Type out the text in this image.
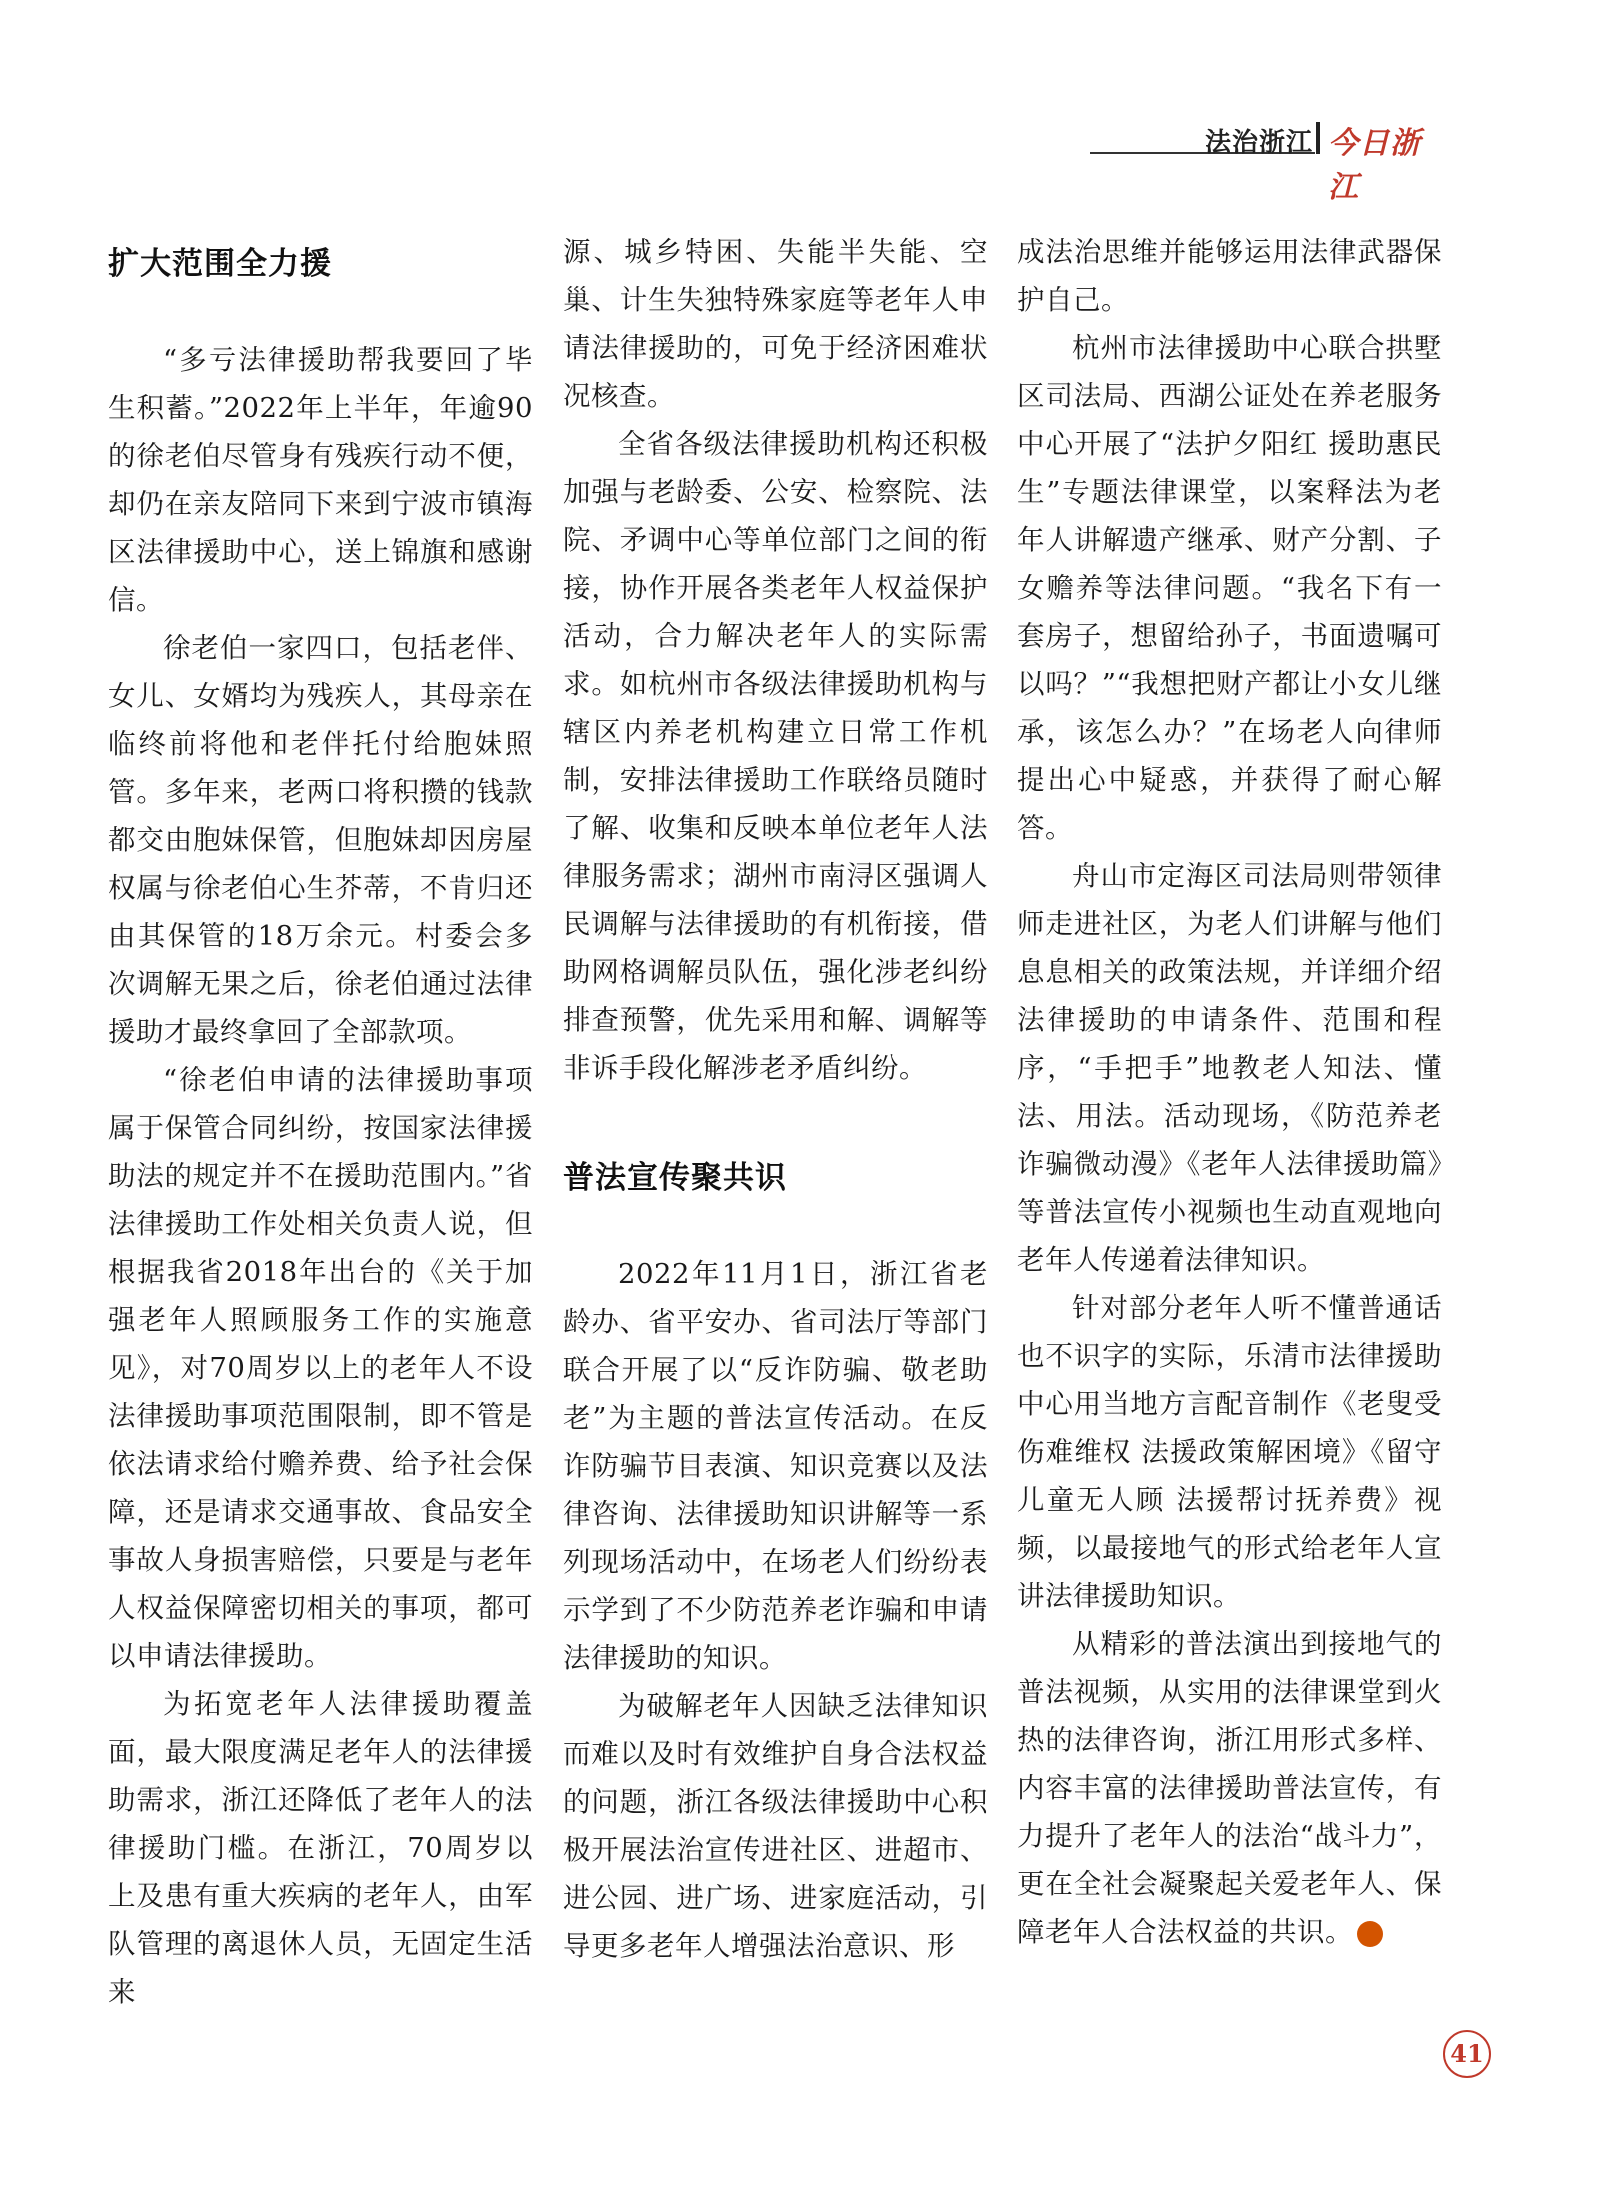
法治浙江 今日浙江
扩大范围全力援

“多亏法律援助帮我要回了毕生积蓄。”2022年上半年，年逾90的徐老伯尽管身有残疾行动不便，却仍在亲友陪同下来到宁波市镇海区法律援助中心，送上锦旗和感谢信。

徐老伯一家四口，包括老伴、女儿、女婿均为残疾人，其母亲在临终前将他和老伴托付给胞妹照管。多年来，老两口将积攒的钱款都交由胞妹保管，但胞妹却因房屋权属与徐老伯心生芥蒂，不肯归还由其保管的18万余元。村委会多次调解无果之后，徐老伯通过法律援助才最终拿回了全部款项。

“徐老伯申请的法律援助事项属于保管合同纠纷，按国家法律援助法的规定并不在援助范围内。”省法律援助工作处相关负责人说，但根据我省2018年出台的《关于加强老年人照顾服务工作的实施意见》，对70周岁以上的老年人不设法律援助事项范围限制，即不管是依法请求给付赡养费、给予社会保障，还是请求交通事故、食品安全事故人身损害赔偿，只要是与老年人权益保障密切相关的事项，都可以申请法律援助。

为拓宽老年人法律援助覆盖面，最大限度满足老年人的法律援助需求，浙江还降低了老年人的法律援助门槛。在浙江，70周岁以上及患有重大疾病的老年人，由军队管理的离退休人员，无固定生活来

源、城乡特困、失能半失能、空巢、计生失独特殊家庭等老年人申请法律援助的，可免于经济困难状况核查。

全省各级法律援助机构还积极加强与老龄委、公安、检察院、法院、矛调中心等单位部门之间的衔接，协作开展各类老年人权益保护活动，合力解决老年人的实际需求。如杭州市各级法律援助机构与辖区内养老机构建立日常工作机制，安排法律援助工作联络员随时了解、收集和反映本单位老年人法律服务需求；湖州市南浔区强调人民调解与法律援助的有机衔接，借助网格调解员队伍，强化涉老纠纷排查预警，优先采用和解、调解等非诉手段化解涉老矛盾纠纷。

普法宣传聚共识

2022年11月1日，浙江省老龄办、省平安办、省司法厅等部门联合开展了以“反诈防骗、敬老助老”为主题的普法宣传活动。在反诈防骗节目表演、知识竞赛以及法律咨询、法律援助知识讲解等一系列现场活动中，在场老人们纷纷表示学到了不少防范养老诈骗和申请法律援助的知识。

为破解老年人因缺乏法律知识而难以及时有效维护自身合法权益的问题，浙江各级法律援助中心积极开展法治宣传进社区、进超市、进公园、进广场、进家庭活动，引导更多老年人增强法治意识、形

成法治思维并能够运用法律武器保护自己。

杭州市法律援助中心联合拱墅区司法局、西湖公证处在养老服务中心开展了“法护夕阳红 援助惠民生”专题法律课堂，以案释法为老年人讲解遗产继承、财产分割、子女赡养等法律问题。“我名下有一套房子，想留给孙子，书面遗嘱可以吗？”“我想把财产都让小女儿继承，该怎么办？”在场老人向律师提出心中疑惑，并获得了耐心解答。

舟山市定海区司法局则带领律师走进社区，为老人们讲解与他们息息相关的政策法规，并详细介绍法律援助的申请条件、范围和程序，“手把手”地教老人知法、懂法、用法。活动现场，《防范养老诈骗微动漫》《老年人法律援助篇》等普法宣传小视频也生动直观地向老年人传递着法律知识。

针对部分老年人听不懂普通话也不识字的实际，乐清市法律援助中心用当地方言配音制作《老叟受伤难维权 法援政策解困境》《留守儿童无人顾 法援帮讨抚养费》视频，以最接地气的形式给老年人宣讲法律援助知识。

从精彩的普法演出到接地气的普法视频，从实用的法律课堂到火热的法律咨询，浙江用形式多样、内容丰富的法律援助普法宣传，有力提升了老年人的法治“战斗力”，更在全社会凝聚起关爱老年人、保障老年人合法权益的共识。	今

41
